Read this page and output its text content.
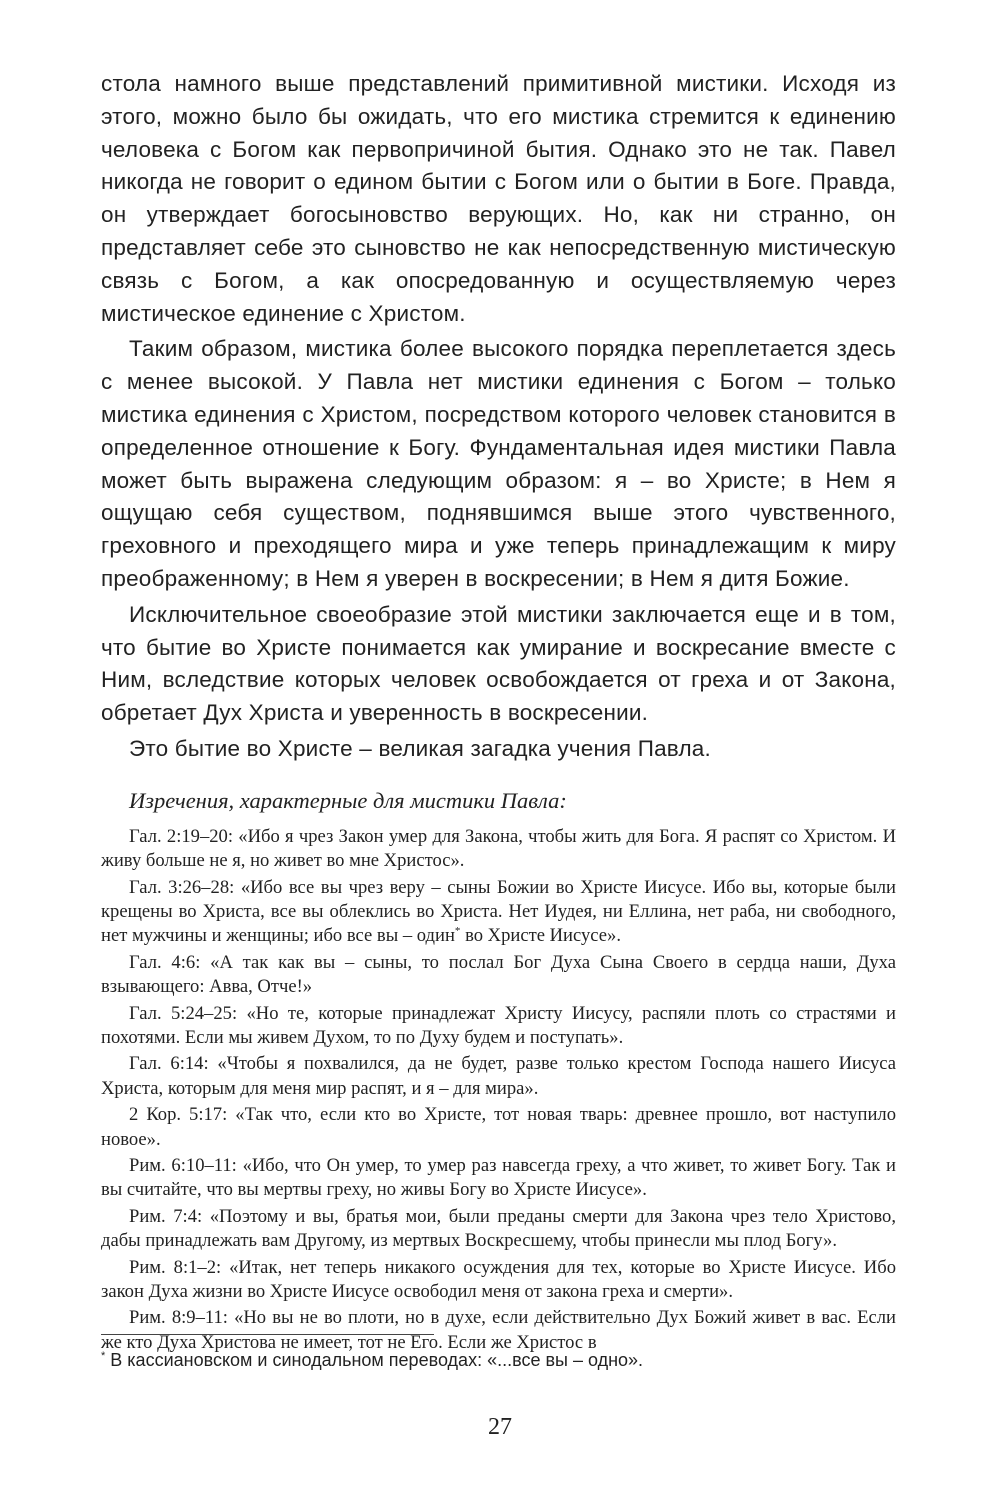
стола намного выше представлений примитивной мистики. Исходя из этого, можно было бы ожидать, что его мистика стремится к единению человека с Богом как первопричиной бытия. Однако это не так. Павел никогда не говорит о едином бытии с Богом или о бытии в Боге. Правда, он утверждает богосыновство верующих. Но, как ни странно, он представляет себе это сыновство не как непосредственную мистическую связь с Богом, а как опосредованную и осуществляемую через мистическое единение с Христом.

Таким образом, мистика более высокого порядка переплетается здесь с менее высокой. У Павла нет мистики единения с Богом – только мистика единения с Христом, посредством которого человек становится в определенное отношение к Богу. Фундаментальная идея мистики Павла может быть выражена следующим образом: я – во Христе; в Нем я ощущаю себя существом, поднявшимся выше этого чувственного, греховного и преходящего мира и уже теперь принадлежащим к миру преображенному; в Нем я уверен в воскресении; в Нем я дитя Божие.

Исключительное своеобразие этой мистики заключается еще и в том, что бытие во Христе понимается как умирание и воскресание вместе с Ним, вследствие которых человек освобождается от греха и от Закона, обретает Дух Христа и уверенность в воскресении.

Это бытие во Христе – великая загадка учения Павла.

Изречения, характерные для мистики Павла:

Гал. 2:19–20: «Ибо я чрез Закон умер для Закона, чтобы жить для Бога. Я распят со Христом. И живу больше не я, но живет во мне Христос».

Гал. 3:26–28: «Ибо все вы чрез веру – сыны Божии во Христе Иисусе. Ибо вы, которые были крещены во Христа, все вы облеклись во Христа. Нет Иудея, ни Еллина, нет раба, ни свободного, нет мужчины и женщины; ибо все вы – один* во Христе Иисусе».

Гал. 4:6: «А так как вы – сыны, то послал Бог Духа Сына Своего в сердца наши, Духа взывающего: Авва, Отче!»

Гал. 5:24–25: «Но те, которые принадлежат Христу Иисусу, распяли плоть со страстями и похотями. Если мы живем Духом, то по Духу будем и поступать».

Гал. 6:14: «Чтобы я похвалился, да не будет, разве только крестом Господа нашего Иисуса Христа, которым для меня мир распят, и я – для мира».

2 Кор. 5:17: «Так что, если кто во Христе, тот новая тварь: древнее прошло, вот наступило новое».

Рим. 6:10–11: «Ибо, что Он умер, то умер раз навсегда греху, а что живет, то живет Богу. Так и вы считайте, что вы мертвы греху, но живы Богу во Христе Иисусе».

Рим. 7:4: «Поэтому и вы, братья мои, были преданы смерти для Закона чрез тело Христово, дабы принадлежать вам Другому, из мертвых Воскресшему, чтобы принесли мы плод Богу».

Рим. 8:1–2: «Итак, нет теперь никакого осуждения для тех, которые во Христе Иисусе. Ибо закон Духа жизни во Христе Иисусе освободил меня от закона греха и смерти».

Рим. 8:9–11: «Но вы не во плоти, но в духе, если действительно Дух Божий живет в вас. Если же кто Духа Христова не имеет, тот не Его. Если же Христос в

* В кассиановском и синодальном переводах: «...все вы – одно».

27
